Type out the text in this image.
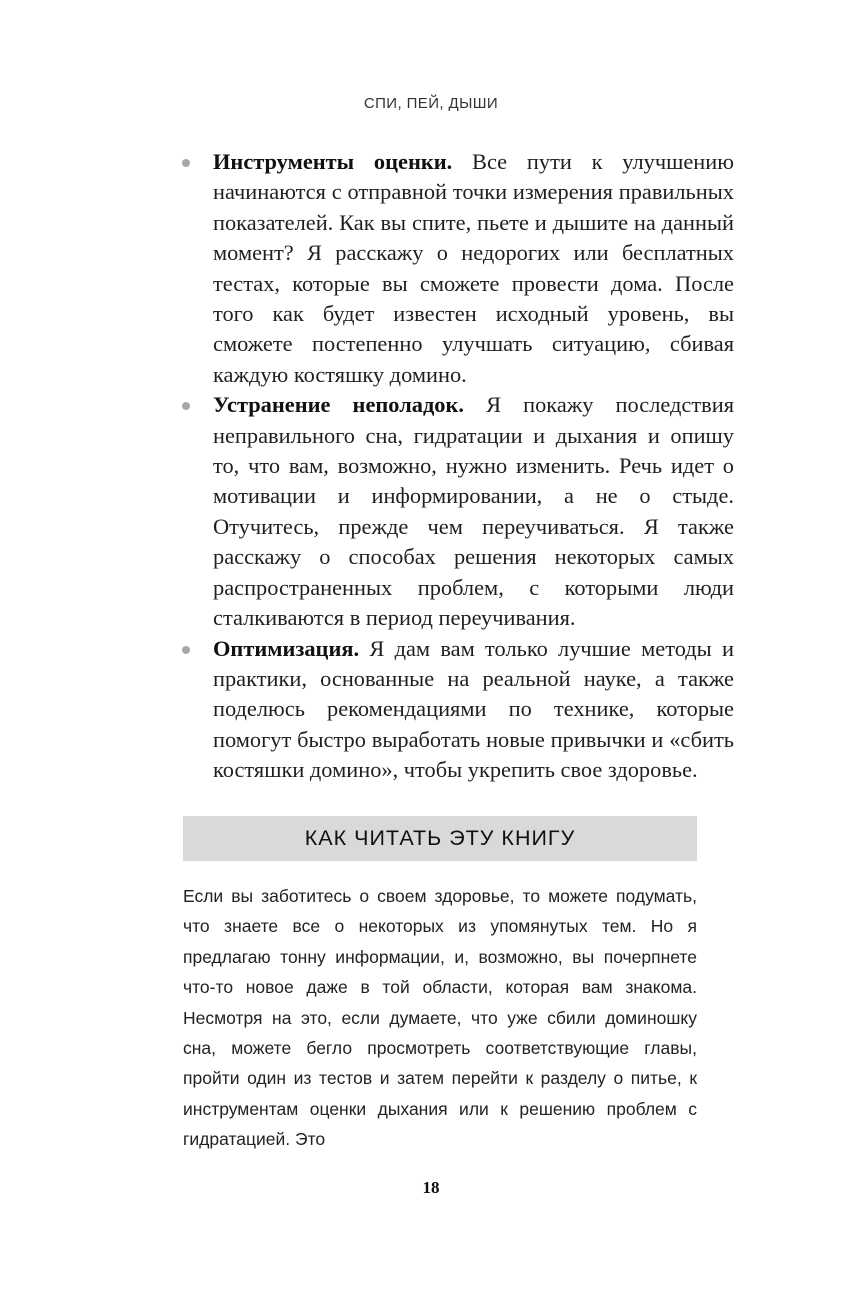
СПИ, ПЕЙ, ДЫШИ
Инструменты оценки. Все пути к улучшению начинаются с отправной точки измерения правильных показателей. Как вы спите, пьете и дышите на данный момент? Я расскажу о недорогих или бесплатных тестах, которые вы сможете провести дома. После того как будет известен исходный уровень, вы сможете постепенно улучшать ситуацию, сбивая каждую костяшку домино.
Устранение неполадок. Я покажу последствия неправильного сна, гидратации и дыхания и опишу то, что вам, возможно, нужно изменить. Речь идет о мотивации и информировании, а не о стыде. Отучитесь, прежде чем переучиваться. Я также расскажу о способах решения некоторых самых распространенных проблем, с которыми люди сталкиваются в период переучивания.
Оптимизация. Я дам вам только лучшие методы и практики, основанные на реальной науке, а также поделюсь рекомендациями по технике, которые помогут быстро выработать новые привычки и «сбить костяшки домино», чтобы укрепить свое здоровье.
КАК ЧИТАТЬ ЭТУ КНИГУ

Если вы заботитесь о своем здоровье, то можете подумать, что знаете все о некоторых из упомянутых тем. Но я предлагаю тонну информации, и, возможно, вы почерпнете что-то новое даже в той области, которая вам знакома. Несмотря на это, если думаете, что уже сбили доминошку сна, можете бегло просмотреть соответствующие главы, пройти один из тестов и затем перейти к разделу о питье, к инструментам оценки дыхания или к решению проблем с гидратацией. Это

18
